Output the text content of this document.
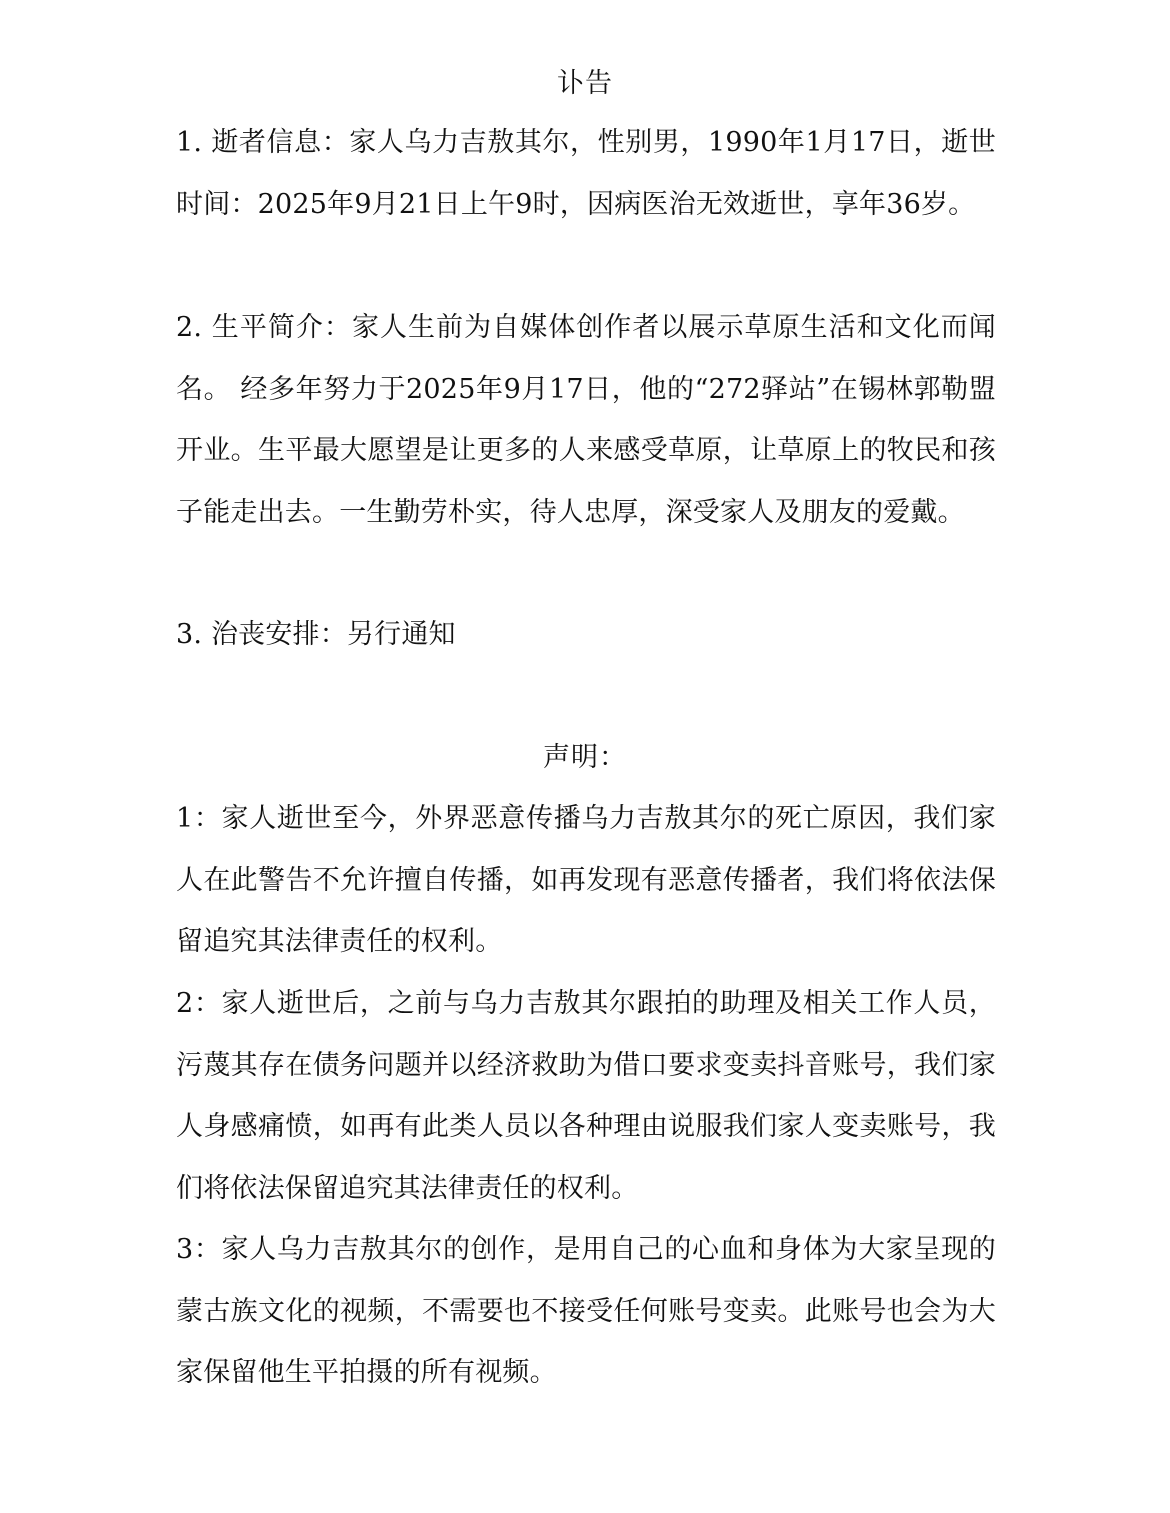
讣告
1. 逝者信息：家人乌力吉敖其尔，性别男，1990年1月17日，逝世时间：2025年9月21日上午9时，因病医治无效逝世，享年36岁。
2. 生平简介：家人生前为自媒体创作者以展示草原生活和文化而闻名。 经多年努力于2025年9月17日，他的“272驿站”在锡林郭勒盟开业。生平最大愿望是让更多的人来感受草原，让草原上的牧民和孩子能走出去。一生勤劳朴实，待人忠厚，深受家人及朋友的爱戴。
3. 治丧安排：另行通知
声明：
1：家人逝世至今，外界恶意传播乌力吉敖其尔的死亡原因，我们家人在此警告不允许擅自传播，如再发现有恶意传播者，我们将依法保留追究其法律责任的权利。
2：家人逝世后，之前与乌力吉敖其尔跟拍的助理及相关工作人员，污蔑其存在债务问题并以经济救助为借口要求变卖抖音账号，我们家人身感痛愤，如再有此类人员以各种理由说服我们家人变卖账号，我们将依法保留追究其法律责任的权利。
3：家人乌力吉敖其尔的创作，是用自己的心血和身体为大家呈现的蒙古族文化的视频，不需要也不接受任何账号变卖。此账号也会为大家保留他生平拍摄的所有视频。
